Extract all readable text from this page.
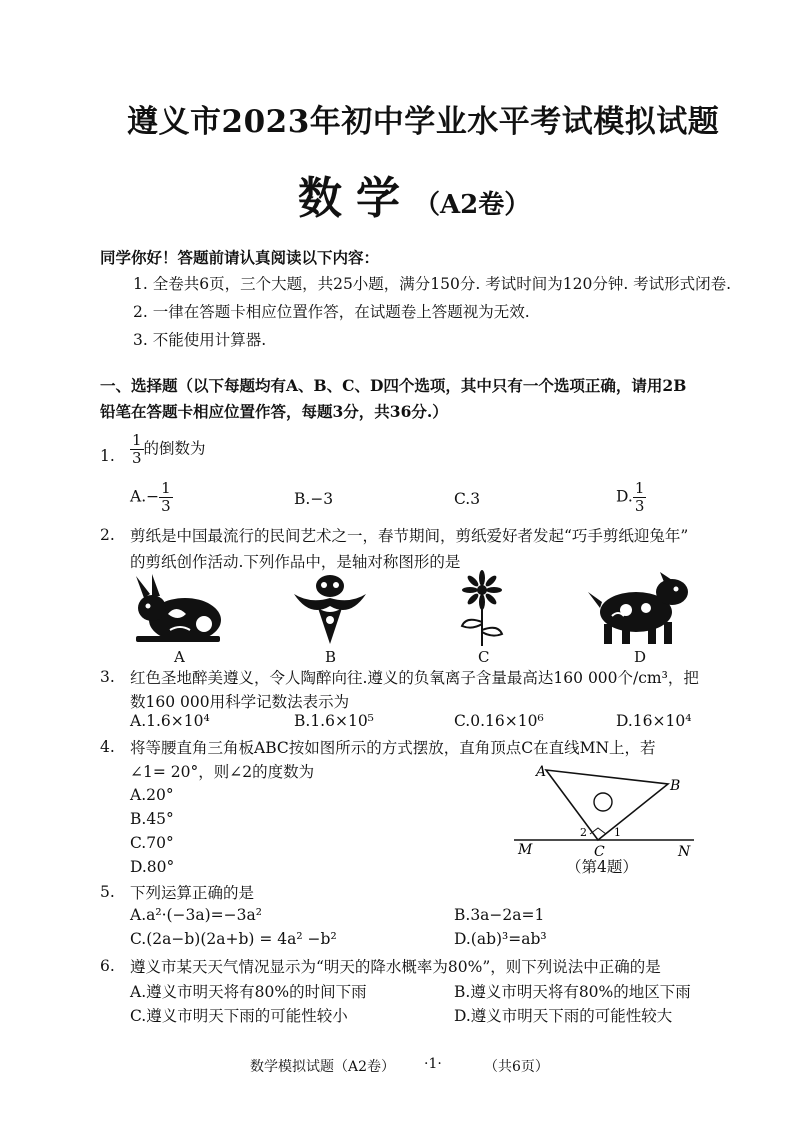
遵义市2023年初中学业水平考试模拟试题
数学（A2卷）
同学你好！答题前请认真阅读以下内容：
1. 全卷共6页，三个大题，共25小题，满分150分. 考试时间为120分钟. 考试形式闭卷.
2. 一律在答题卡相应位置作答，在试题卷上答题视为无效.
3. 不能使用计算器.
一、选择题（以下每题均有A、B、C、D四个选项，其中只有一个选项正确，请用2B
铅笔在答题卡相应位置作答，每题3分，共36分.）
1. $\frac{1}{3}$ 的倒数为
$A.- \frac{1}{3}$	B.−3	C.3	D. $\frac{1}{3}$
2. 剪纸是中国最流行的民间艺术之一，春节期间，剪纸爱好者发起“巧手剪纸迎兔年”
的剪纸创作活动.下列作品中，是轴对称图形的是
A	B	C	D
3. 红色圣地醉美遵义，令人陶醉向往.遵义的负氧离子含量最高达160 000个/cm³，把
数160 000用科学记数法表示为
A.1.6×10⁴	B.1.6×10⁵	C.0.16×10⁶	D.16×10⁴
4. 将等腰直角三角板ABC按如图所示的方式摆放，直角顶点C在直线MN上，若
∠1= 20°，则∠2的度数为
A.20°
B.45°
C.70°
D.80°
A
B
C
M	N
1
2
（第4题）
5. 下列运算正确的是
A.a²·(−3a)=−3a²	B.3a−2a=1
C.(2a−b)(2a+b) = 4a² −b²	D.(ab)³=ab³
6. 遵义市某天天气情况显示为“明天的降水概率为80%”，则下列说法中正确的是
A.遵义市明天将有80%的时间下雨	B.遵义市明天将有80%的地区下雨
C.遵义市明天下雨的可能性较小	D.遵义市明天下雨的可能性较大
数学模拟试题（A2卷） ·1·	（共6页）
